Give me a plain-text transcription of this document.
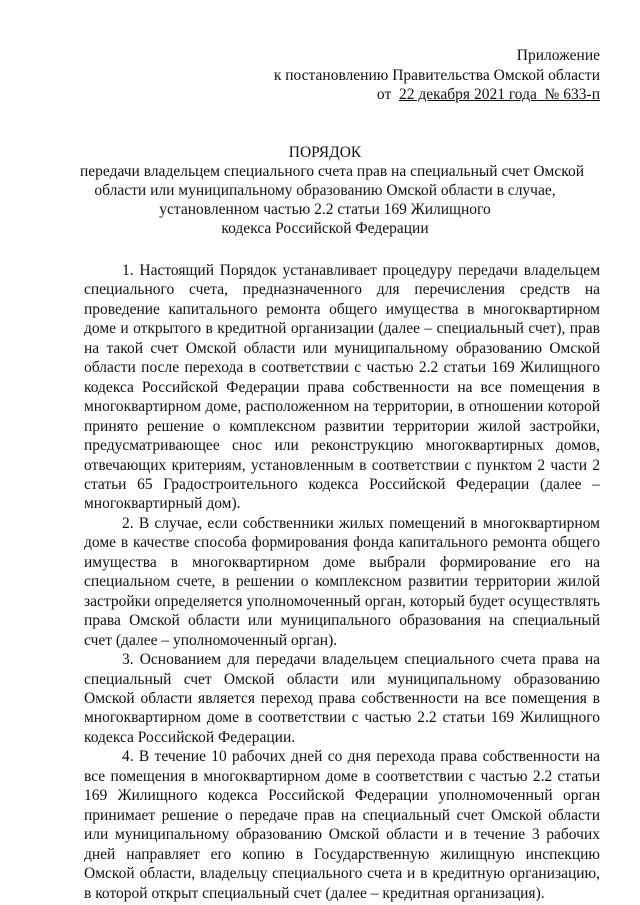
Приложение
к постановлению Правительства Омской области
от 22 декабря 2021 года № 633-п
ПОРЯДОК
передачи владельцем специального счета прав на специальный счет Омской
области или муниципальному образованию Омской области в случае,
установленном частью 2.2 статьи 169 Жилищного
кодекса Российской Федерации

1. Настоящий Порядок устанавливает процедуру передачи владельцем специального счета, предназначенного для перечисления средств на проведение капитального ремонта общего имущества в многоквартирном доме и открытого в кредитной организации (далее – специальный счет), прав на такой счет Омской области или муниципальному образованию Омской области после перехода в соответствии с частью 2.2 статьи 169 Жилищного кодекса Российской Федерации права собственности на все помещения в многоквартирном доме, расположенном на территории, в отношении которой принято решение о комплексном развитии территории жилой застройки, предусматривающее снос или реконструкцию многоквартирных домов, отвечающих критериям, установленным в соответствии с пунктом 2 части 2 статьи 65 Градостроительного кодекса Российской Федерации (далее – многоквартирный дом).

2. В случае, если собственники жилых помещений в многоквартирном доме в качестве способа формирования фонда капитального ремонта общего имущества в многоквартирном доме выбрали формирование его на специальном счете, в решении о комплексном развитии территории жилой застройки определяется уполномоченный орган, который будет осуществлять права Омской области или муниципального образования на специальный счет (далее – уполномоченный орган).

3. Основанием для передачи владельцем специального счета права на специальный счет Омской области или муниципальному образованию Омской области является переход права собственности на все помещения в многоквартирном доме в соответствии с частью 2.2 статьи 169 Жилищного кодекса Российской Федерации.

4. В течение 10 рабочих дней со дня перехода права собственности на все помещения в многоквартирном доме в соответствии с частью 2.2 статьи 169 Жилищного кодекса Российской Федерации уполномоченный орган принимает решение о передаче прав на специальный счет Омской области или муниципальному образованию Омской области и в течение 3 рабочих дней направляет его копию в Государственную жилищную инспекцию Омской области, владельцу специального счета и в кредитную организацию, в которой открыт специальный счет (далее – кредитная организация).
